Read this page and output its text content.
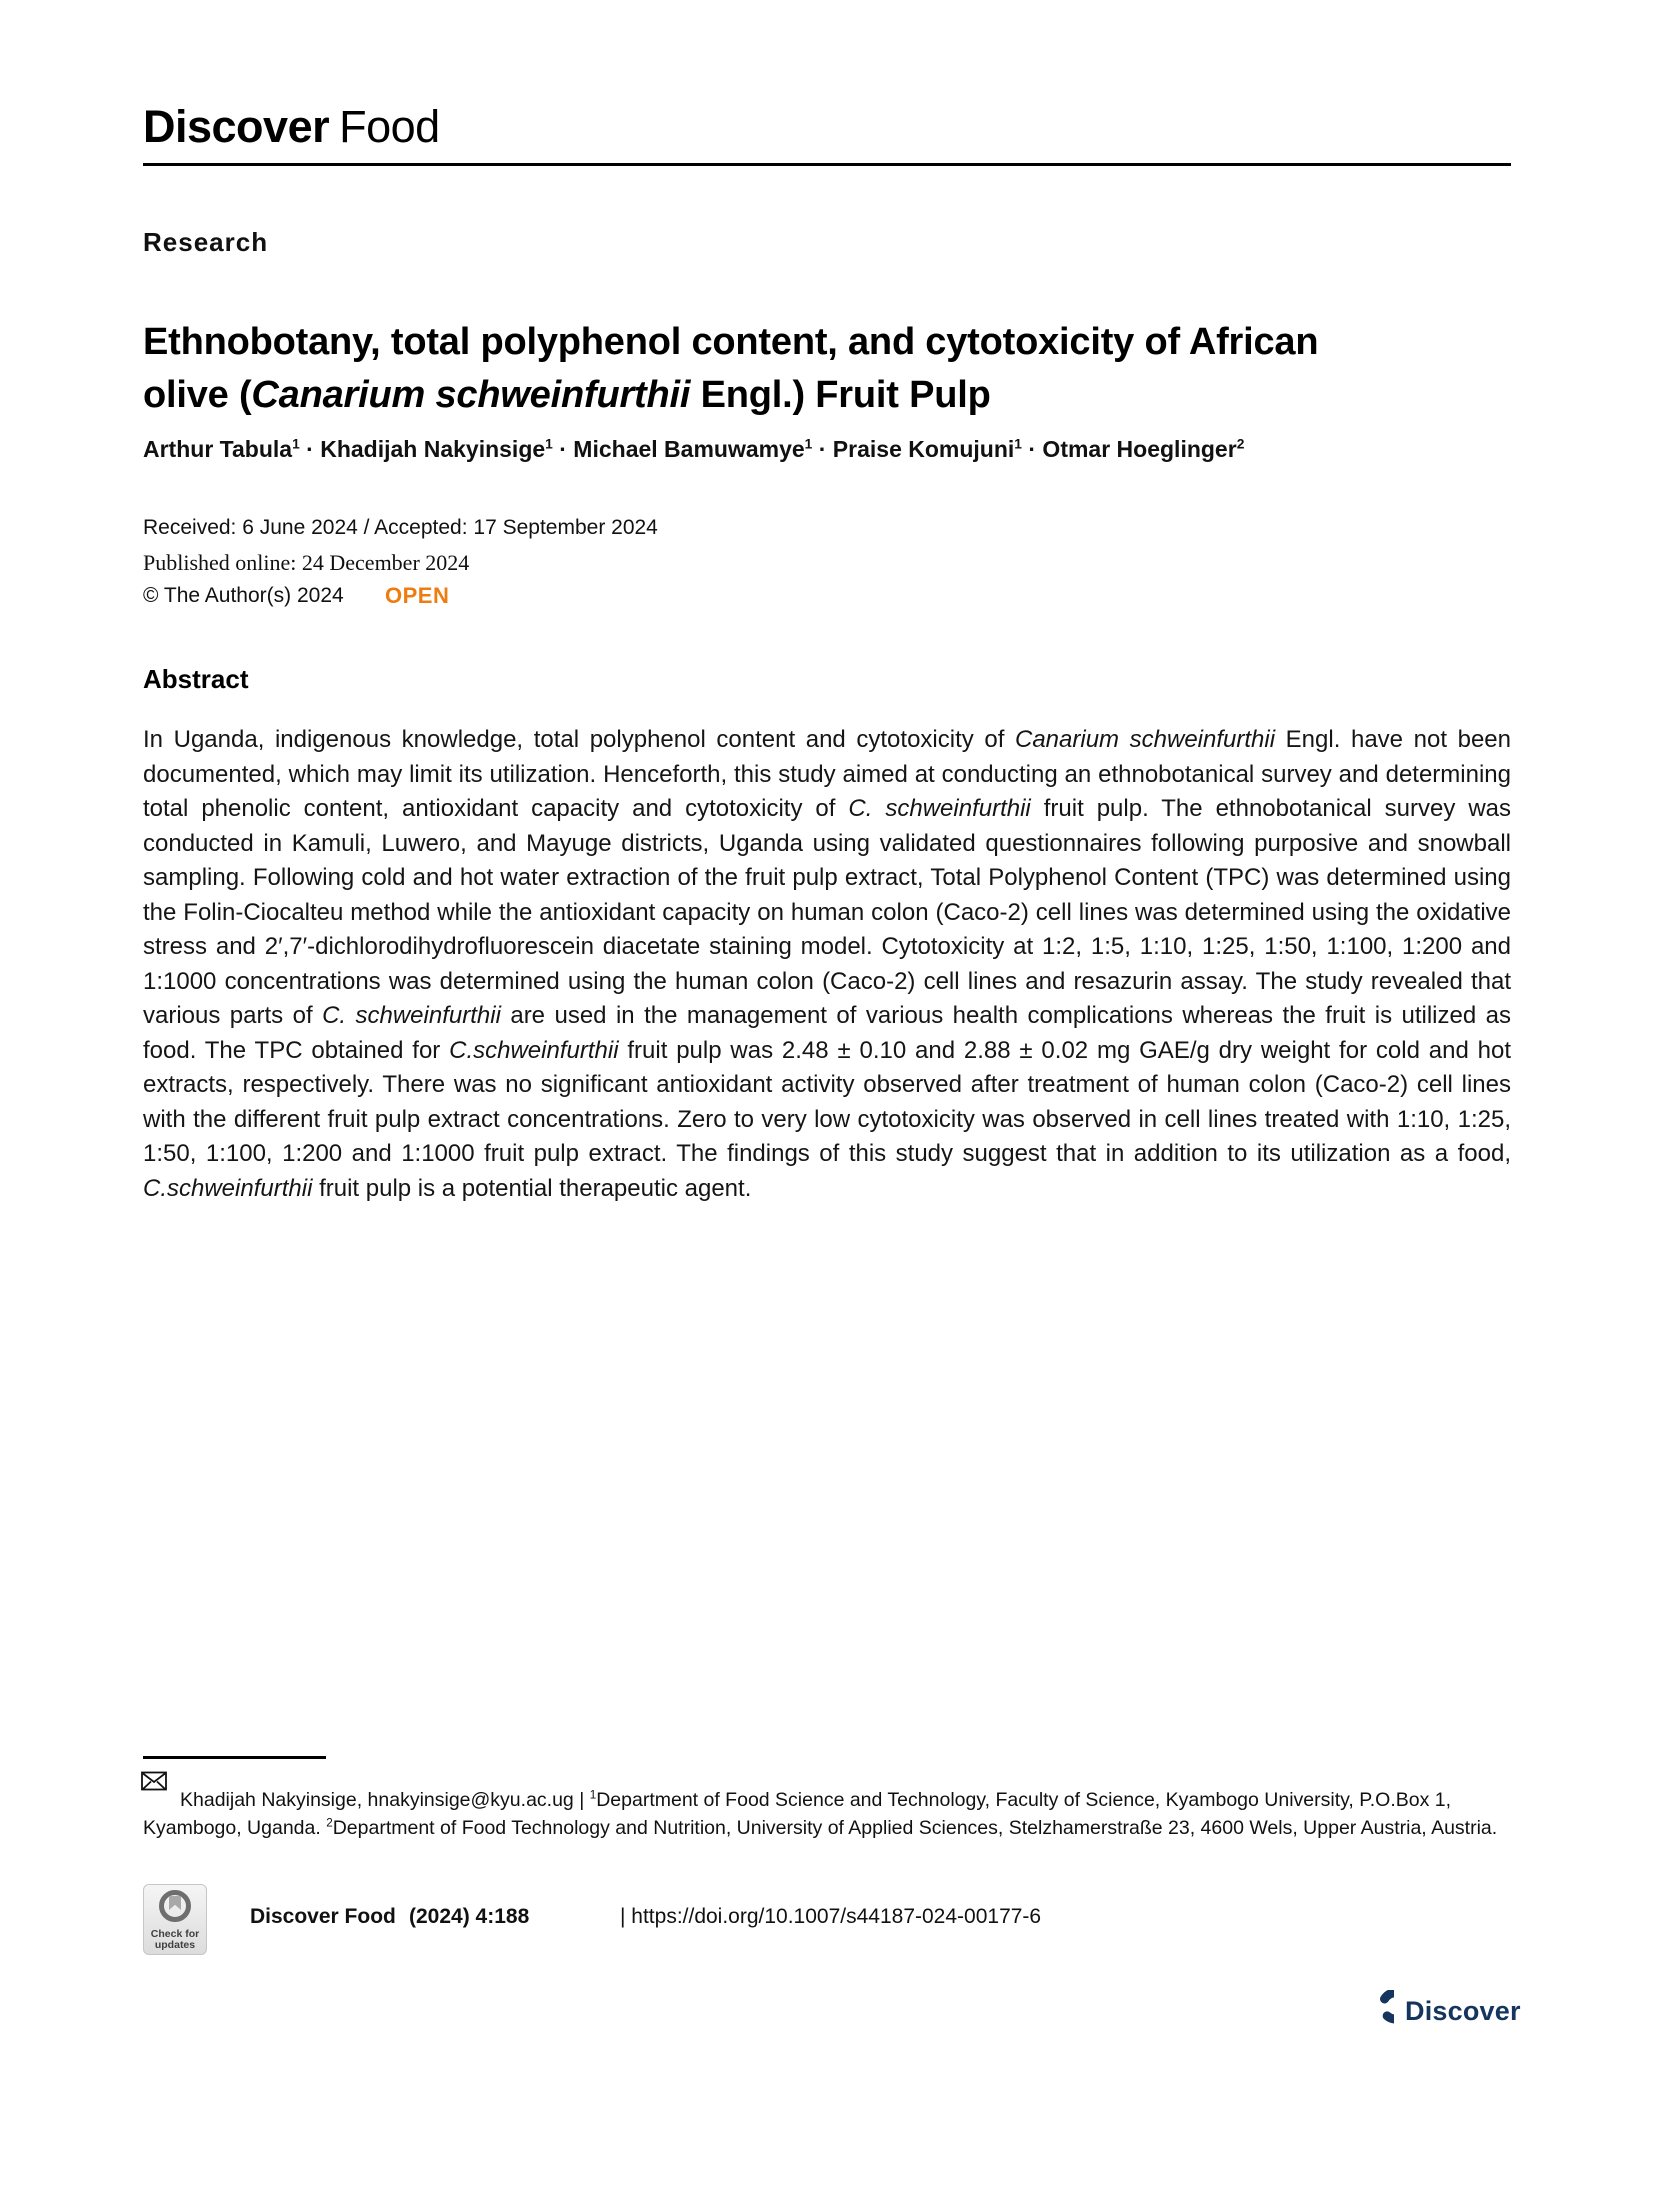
Discover Food
Research
Ethnobotany, total polyphenol content, and cytotoxicity of African
olive (Canarium schweinfurthii Engl.) Fruit Pulp
Arthur Tabula$^1$ · Khadijah Nakyinsige$^1$ · Michael Bamuwamye$^1$ · Praise Komujuni$^1$ · Otmar Hoeglinger$^2$
Received: 6 June 2024 / Accepted: 17 September 2024
Published online: 24 December 2024
© The Author(s) 2024 OPEN
Abstract

In Uganda, indigenous knowledge, total polyphenol content and cytotoxicity of Canarium schweinfurthii Engl. have not been documented, which may limit its utilization. Henceforth, this study aimed at conducting an ethnobotanical survey and determining total phenolic content, antioxidant capacity and cytotoxicity of C. schweinfurthii fruit pulp. The ethnobotanical survey was conducted in Kamuli, Luwero, and Mayuge districts, Uganda using validated questionnaires following purposive and snowball sampling. Following cold and hot water extraction of the fruit pulp extract, Total Polyphenol Content (TPC) was determined using the Folin-Ciocalteu method while the antioxidant capacity on human colon (Caco-2) cell lines was determined using the oxidative stress and 2′,7′-dichlorodihydrofluorescein diacetate staining model. Cytotoxicity at 1:2, 1:5, 1:10, 1:25, 1:50, 1:100, 1:200 and 1:1000 concentrations was determined using the human colon (Caco-2) cell lines and resazurin assay. The study revealed that various parts of C. schweinfurthii are used in the management of various health complications whereas the fruit is utilized as food. The TPC obtained for C.schweinfurthii fruit pulp was 2.48 ± 0.10 and 2.88 ± 0.02 mg GAE/g dry weight for cold and hot extracts, respectively. There was no significant antioxidant activity observed after treatment of human colon (Caco-2) cell lines with the different fruit pulp extract concentrations. Zero to very low cytotoxicity was observed in cell lines treated with 1:10, 1:25, 1:50, 1:100, 1:200 and 1:1000 fruit pulp extract. The findings of this study suggest that in addition to its utilization as a food, C.schweinfurthii fruit pulp is a potential therapeutic agent.

Khadijah Nakyinsige, hnakyinsige@kyu.ac.ug | $^1$Department of Food Science and Technology, Faculty of Science, Kyambogo University, P.O.Box 1, Kyambogo, Uganda. $^2$Department of Food Technology and Nutrition, University of Applied Sciences, Stelzhamerstraße 23, 4600 Wels, Upper Austria, Austria.

Check for
updates
Discover Food (2024) 4:188	| https://doi.org/10.1007/s44187-024-00177-6
Discover
